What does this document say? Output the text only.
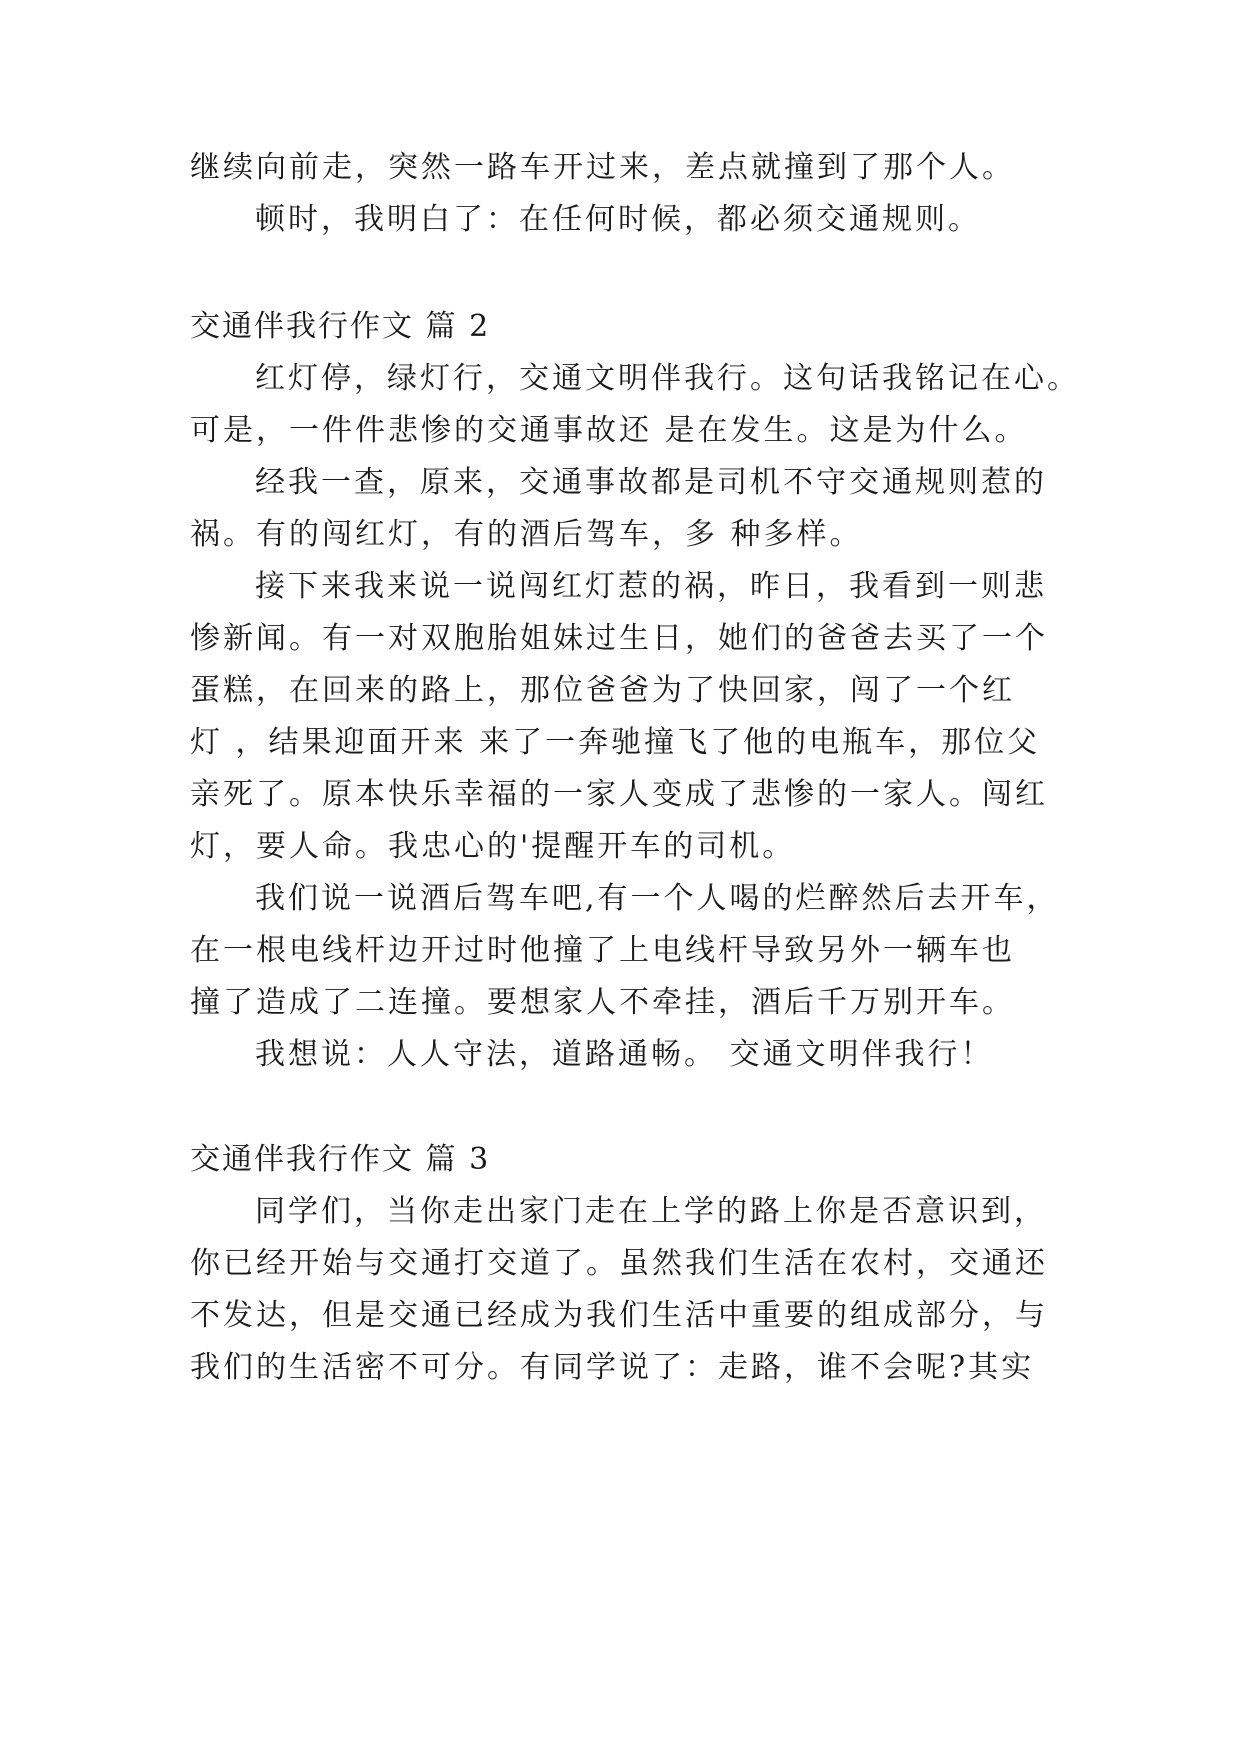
继续向前走，突然一路车开过来，差点就撞到了那个人。
顿时，我明白了：在任何时候，都必须交通规则。
交通伴我行作文 篇 2
红灯停，绿灯行，交通文明伴我行。这句话我铭记在心。
可是，一件件悲惨的交通事故还 是在发生。这是为什么。
经我一查，原来，交通事故都是司机不守交通规则惹的
祸。有的闯红灯，有的酒后驾车，多 种多样。
接下来我来说一说闯红灯惹的祸，昨日，我看到一则悲
惨新闻。有一对双胞胎姐妹过生日，她们的爸爸去买了一个
蛋糕，在回来的路上，那位爸爸为了快回家，闯了一个红
灯 ，结果迎面开来 来了一奔驰撞飞了他的电瓶车，那位父
亲死了。原本快乐幸福的一家人变成了悲惨的一家人。闯红
灯，要人命。我忠心的'提醒开车的司机。
我们说一说酒后驾车吧,有一个人喝的烂醉然后去开车，
在一根电线杆边开过时他撞了上电线杆导致另外一辆车也
撞了造成了二连撞。要想家人不牵挂，酒后千万别开车。
我想说：人人守法，道路通畅。 交通文明伴我行！
交通伴我行作文 篇 3
同学们，当你走出家门走在上学的路上你是否意识到，
你已经开始与交通打交道了。虽然我们生活在农村，交通还
不发达，但是交通已经成为我们生活中重要的组成部分，与
我们的生活密不可分。有同学说了：走路，谁不会呢?其实
